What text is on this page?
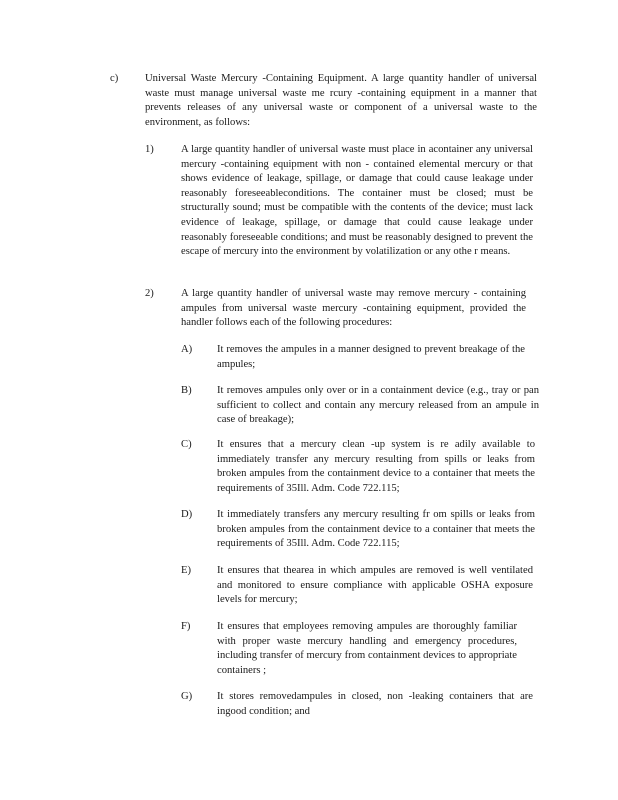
c)	Universal Waste Mercury -Containing Equipment. A large quantity handler of universal waste must manage universal waste me rcury -containing equipment in a manner that prevents releases of any universal waste or component of a universal waste to the environment, as follows:
1)	A large quantity handler of universal waste must place in acontainer any universal mercury -containing equipment with non - contained elemental mercury or that shows evidence of leakage, spillage, or damage that could cause leakage under reasonably foreseeableconditions. The container must be closed; must be structurally sound; must be compatible with the contents of the device; must lack evidence of leakage, spillage, or damage that could cause leakage under reasonably foreseeable conditions; and must be reasonably designed to prevent the escape of mercury into the environment by volatilization or any othe r means.
2)	A large quantity handler of universal waste may remove mercury - containing ampules from universal waste mercury -containing equipment, provided the handler follows each of the following procedures:
A) It removes the ampules in a manner designed to prevent breakage of the ampules;
B) It removes ampules only over or in a containment device (e.g., tray or pan sufficient to collect and contain any mercury released from an ampule in case of breakage);
C) It ensures that a mercury clean -up system is re adily available to immediately transfer any mercury resulting from spills or leaks from broken ampules from the containment device to a container that meets the requirements of 35Ill. Adm. Code 722.115;
D) It immediately transfers any mercury resulting fr om spills or leaks from broken ampules from the containment device to a container that meets the requirements of 35Ill. Adm. Code 722.115;
E) It ensures that thearea in which ampules are removed is well ventilated and monitored to ensure compliance with applicable OSHA exposure levels for mercury;
F)	It ensures that employees removing ampules are thoroughly familiar with proper waste mercury handling and emergency procedures, including transfer of mercury from containment devices to appropriate containers ;
G) It stores removedampules in closed, non -leaking containers that are ingood condition; and
